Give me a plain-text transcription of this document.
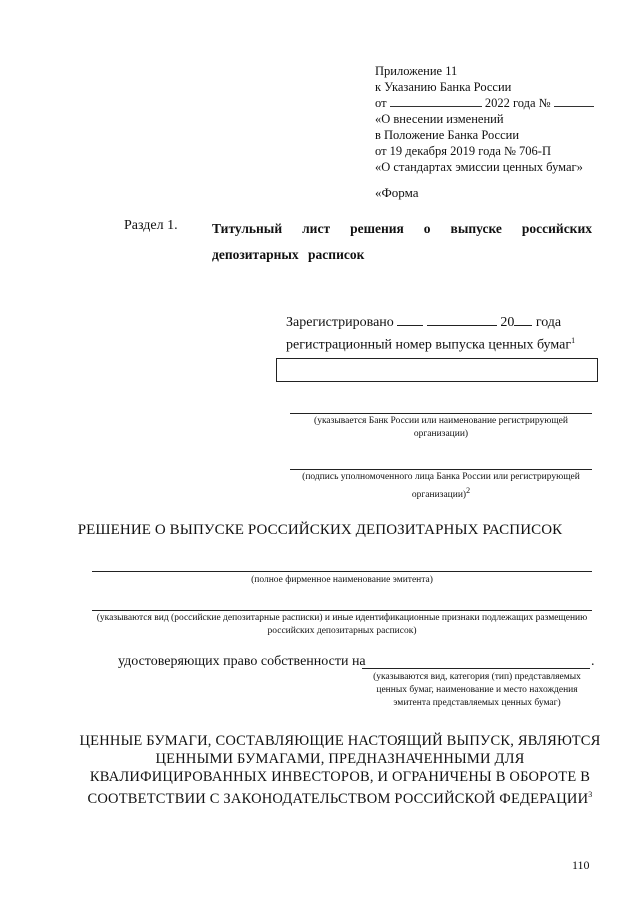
Приложение 11
к Указанию Банка России
от	2022 года №
«О внесении изменений
в Положение Банка России
от 19 декабря 2019 года № 706-П
«О стандартах эмиссии ценных бумаг»
«Форма
Раздел 1.	Титульный лист решения о выпуске российских депозитарных расписок
Зарегистрировано	20 года
регистрационный номер выпуска ценных бумаг$^1$
(указывается Банк России или наименование регистрирующей организации)
(подпись уполномоченного лица Банка России или регистрирующей организации)$^2$
РЕШЕНИЕ О ВЫПУСКЕ РОССИЙСКИХ ДЕПОЗИТАРНЫХ РАСПИСОК
(полное фирменное наименование эмитента)
(указываются вид (российские депозитарные расписки) и иные идентификационные признаки подлежащих размещению российских депозитарных расписок)
удостоверяющих право собственности на	.
(указываются вид, категория (тип) представляемых ценных бумаг, наименование и место нахождения эмитента представляемых ценных бумаг)
ЦЕННЫЕ БУМАГИ, СОСТАВЛЯЮЩИЕ НАСТОЯЩИЙ ВЫПУСК, ЯВЛЯЮТСЯ ЦЕННЫМИ БУМАГАМИ, ПРЕДНАЗНАЧЕННЫМИ ДЛЯ КВАЛИФИЦИРОВАННЫХ ИНВЕСТОРОВ, И ОГРАНИЧЕНЫ В ОБОРОТЕ В СООТВЕТСТВИИ С ЗАКОНОДАТЕЛЬСТВОМ РОССИЙСКОЙ ФЕДЕРАЦИИ$^3$
110
